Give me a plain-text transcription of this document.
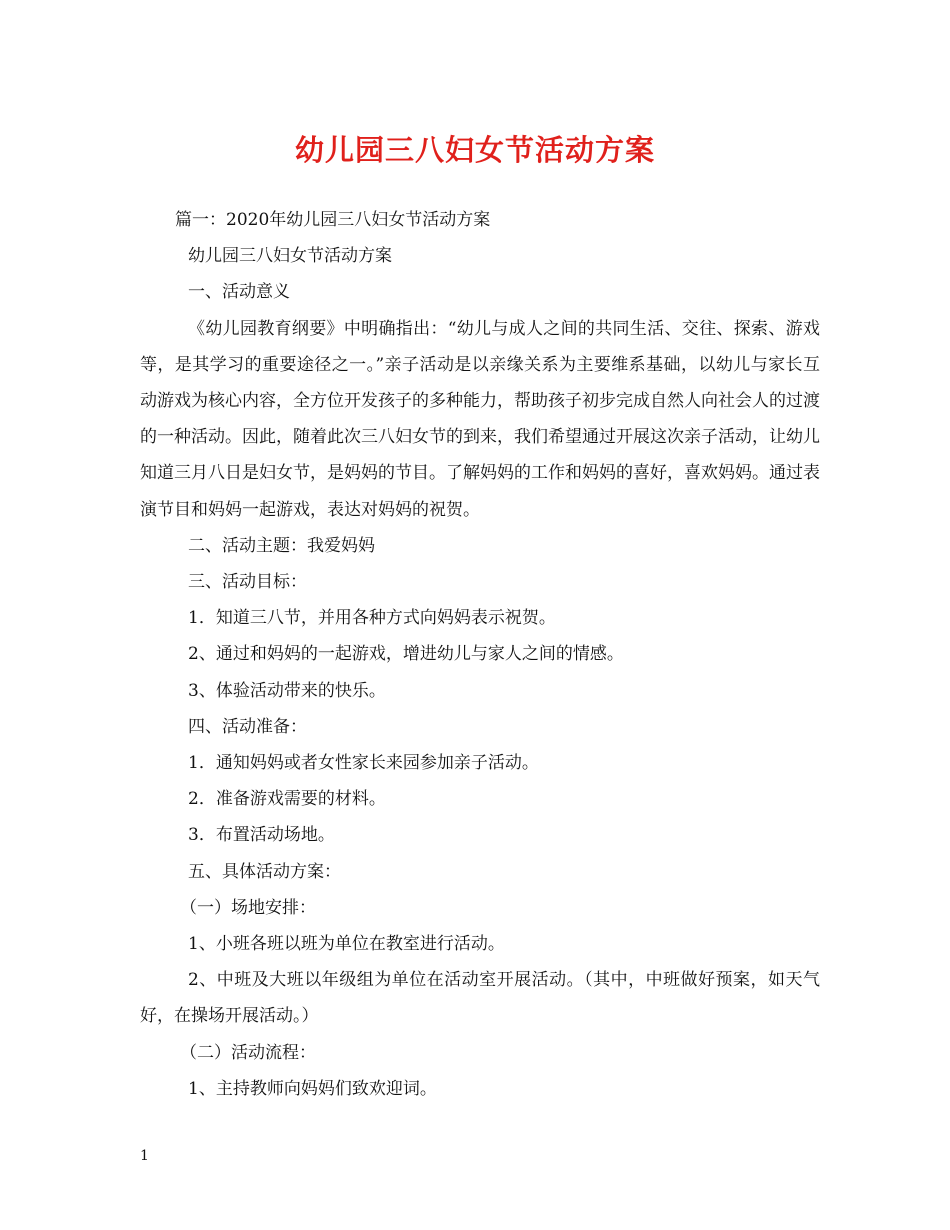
幼儿园三八妇女节活动方案

篇一：2020年幼儿园三八妇女节活动方案

幼儿园三八妇女节活动方案

一、活动意义

《幼儿园教育纲要》中明确指出：“幼儿与成人之间的共同生活、交往、探索、游戏等，是其学习的重要途径之一。”亲子活动是以亲缘关系为主要维系基础，以幼儿与家长互动游戏为核心内容，全方位开发孩子的多种能力，帮助孩子初步完成自然人向社会人的过渡的一种活动。因此，随着此次三八妇女节的到来，我们希望通过开展这次亲子活动，让幼儿知道三月八日是妇女节，是妈妈的节目。了解妈妈的工作和妈妈的喜好，喜欢妈妈。通过表演节目和妈妈一起游戏，表达对妈妈的祝贺。

二、活动主题：我爱妈妈

三、活动目标：

1．知道三八节，并用各种方式向妈妈表示祝贺。

2、通过和妈妈的一起游戏，增进幼儿与家人之间的情感。

3、体验活动带来的快乐。

四、活动准备：

1．通知妈妈或者女性家长来园参加亲子活动。

2．准备游戏需要的材料。

3．布置活动场地。

五、具体活动方案：

（一）场地安排：

1、小班各班以班为单位在教室进行活动。

2、中班及大班以年级组为单位在活动室开展活动。（其中，中班做好预案，如天气好，在操场开展活动。）

（二）活动流程：

1、主持教师向妈妈们致欢迎词。

1
